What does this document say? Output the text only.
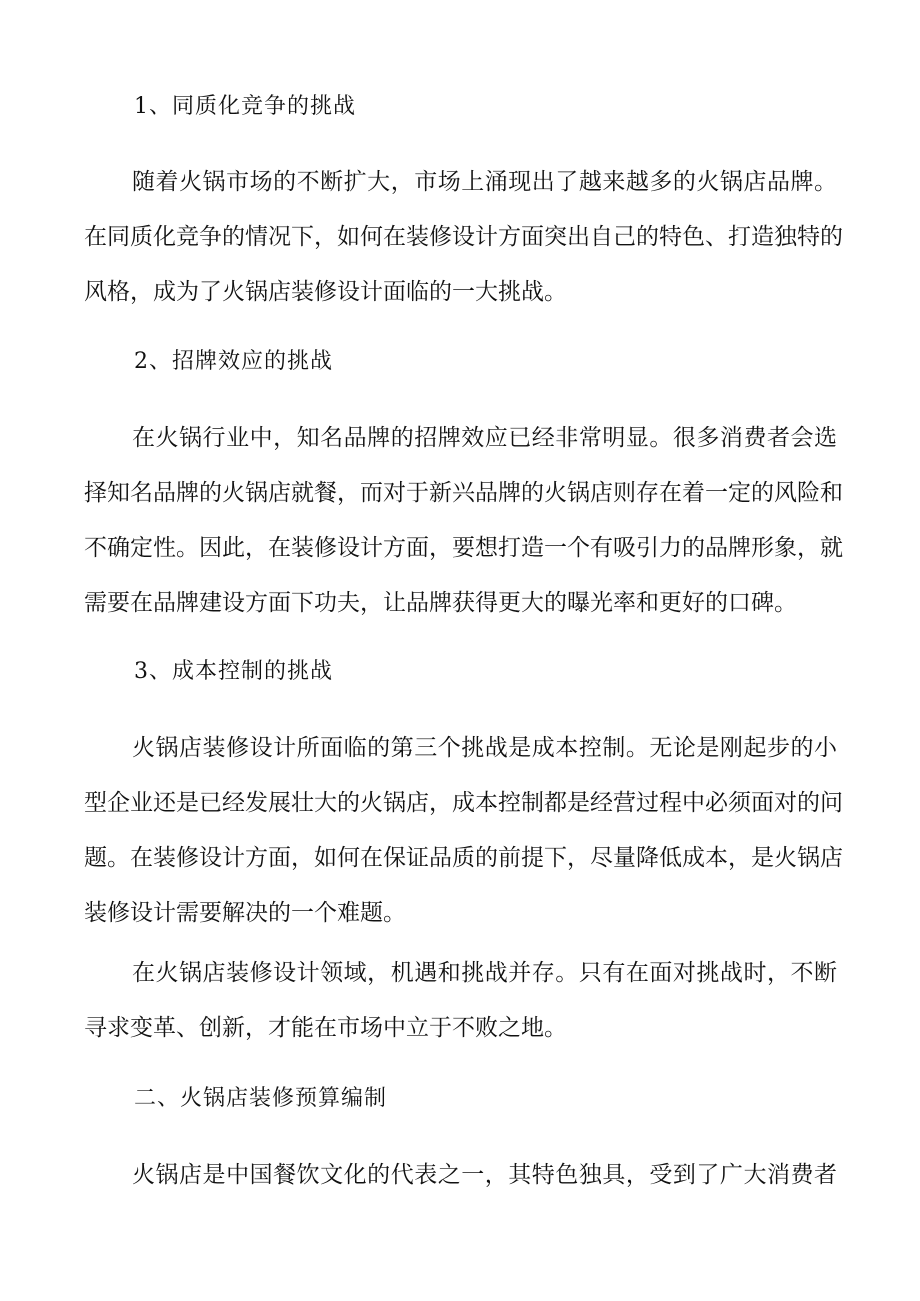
1、同质化竞争的挑战
随着火锅市场的不断扩大，市场上涌现出了越来越多的火锅店品牌。
在同质化竞争的情况下，如何在装修设计方面突出自己的特色、打造独特的
风格，成为了火锅店装修设计面临的一大挑战。
2、招牌效应的挑战
在火锅行业中，知名品牌的招牌效应已经非常明显。很多消费者会选
择知名品牌的火锅店就餐，而对于新兴品牌的火锅店则存在着一定的风险和
不确定性。因此，在装修设计方面，要想打造一个有吸引力的品牌形象，就
需要在品牌建设方面下功夫，让品牌获得更大的曝光率和更好的口碑。
3、成本控制的挑战
火锅店装修设计所面临的第三个挑战是成本控制。无论是刚起步的小
型企业还是已经发展壮大的火锅店，成本控制都是经营过程中必须面对的问
题。在装修设计方面，如何在保证品质的前提下，尽量降低成本，是火锅店
装修设计需要解决的一个难题。
在火锅店装修设计领域，机遇和挑战并存。只有在面对挑战时，不断
寻求变革、创新，才能在市场中立于不败之地。
二、火锅店装修预算编制
火锅店是中国餐饮文化的代表之一，其特色独具，受到了广大消费者
